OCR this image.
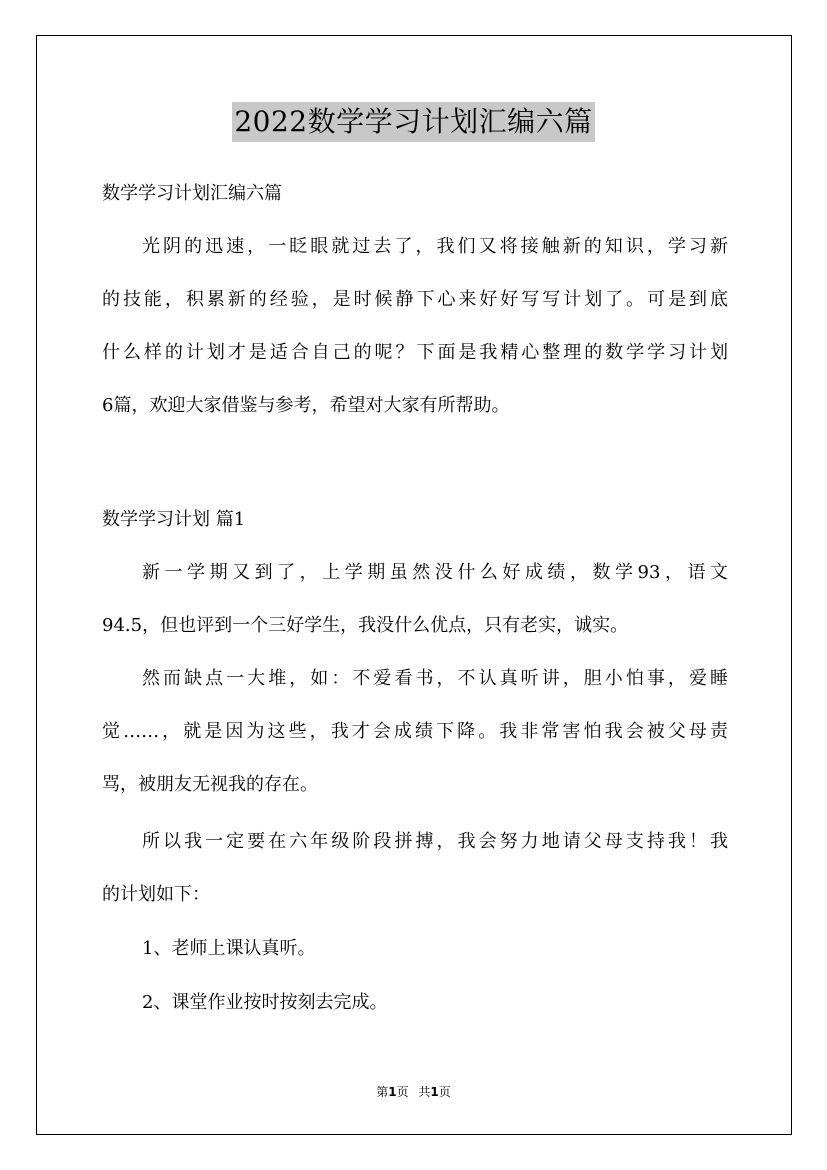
2022数学学习计划汇编六篇
数学学习计划汇编六篇
光阴的迅速，一眨眼就过去了，我们又将接触新的知识，学习新
的技能，积累新的经验，是时候静下心来好好写写计划了。可是到底
什么样的计划才是适合自己的呢？下面是我精心整理的数学学习计划
6篇，欢迎大家借鉴与参考，希望对大家有所帮助。
数学学习计划 篇1
新一学期又到了，上学期虽然没什么好成绩，数学93，语文
94.5，但也评到一个三好学生，我没什么优点，只有老实，诚实。
然而缺点一大堆，如：不爱看书，不认真听讲，胆小怕事，爱睡
觉……，就是因为这些，我才会成绩下降。我非常害怕我会被父母责
骂，被朋友无视我的存在。
所以我一定要在六年级阶段拼搏，我会努力地请父母支持我！我
的计划如下：
1、老师上课认真听。
2、课堂作业按时按刻去完成。
第1页 共1页
